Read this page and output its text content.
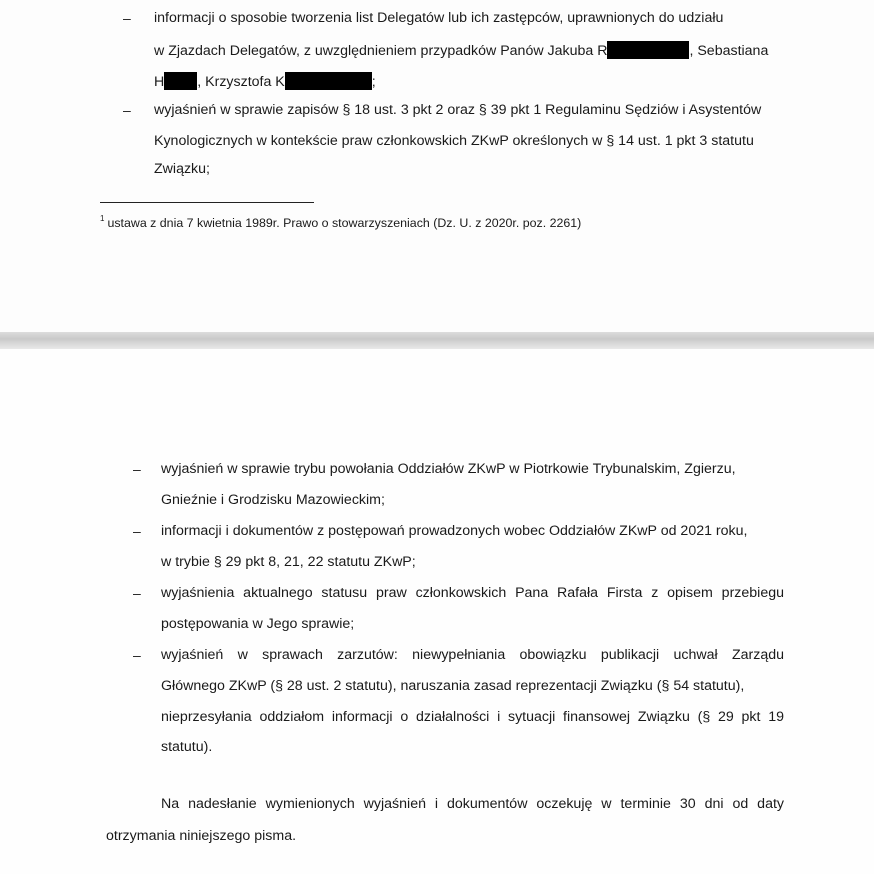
– informacji o sposobie tworzenia list Delegatów lub ich zastępców, uprawnionych do udziału
w Zjazdach Delegatów, z uwzględnieniem przypadków Panów Jakuba R	, Sebastiana
H , Krzysztofa K	;
– wyjaśnień w sprawie zapisów § 18 ust. 3 pkt 2 oraz § 39 pkt 1 Regulaminu Sędziów i Asystentów
Kynologicznych w kontekście praw członkowskich ZKwP określonych w § 14 ust. 1 pkt 3 statutu
Związku;
$^1$ ustawa z dnia 7 kwietnia 1989r. Prawo o stowarzyszeniach (Dz. U. z 2020r. poz. 2261)
– wyjaśnień w sprawie trybu powołania Oddziałów ZKwP w Piotrkowie Trybunalskim, Zgierzu,
Gnieźnie i Grodzisku Mazowieckim;
– informacji i dokumentów z postępowań prowadzonych wobec Oddziałów ZKwP od 2021 roku,
w trybie § 29 pkt 8, 21, 22 statutu ZKwP;
– wyjaśnienia aktualnego statusu praw członkowskich Pana Rafała Firsta z opisem przebiegu
postępowania w Jego sprawie;
– wyjaśnień w sprawach zarzutów: niewypełniania obowiązku publikacji uchwał Zarządu
Głównego ZKwP (§ 28 ust. 2 statutu), naruszania zasad reprezentacji Związku (§ 54 statutu),
nieprzesyłania oddziałom informacji o działalności i sytuacji finansowej Związku (§ 29 pkt 19
statutu).
Na nadesłanie wymienionych wyjaśnień i dokumentów oczekuję w terminie 30 dni od daty
otrzymania niniejszego pisma.
